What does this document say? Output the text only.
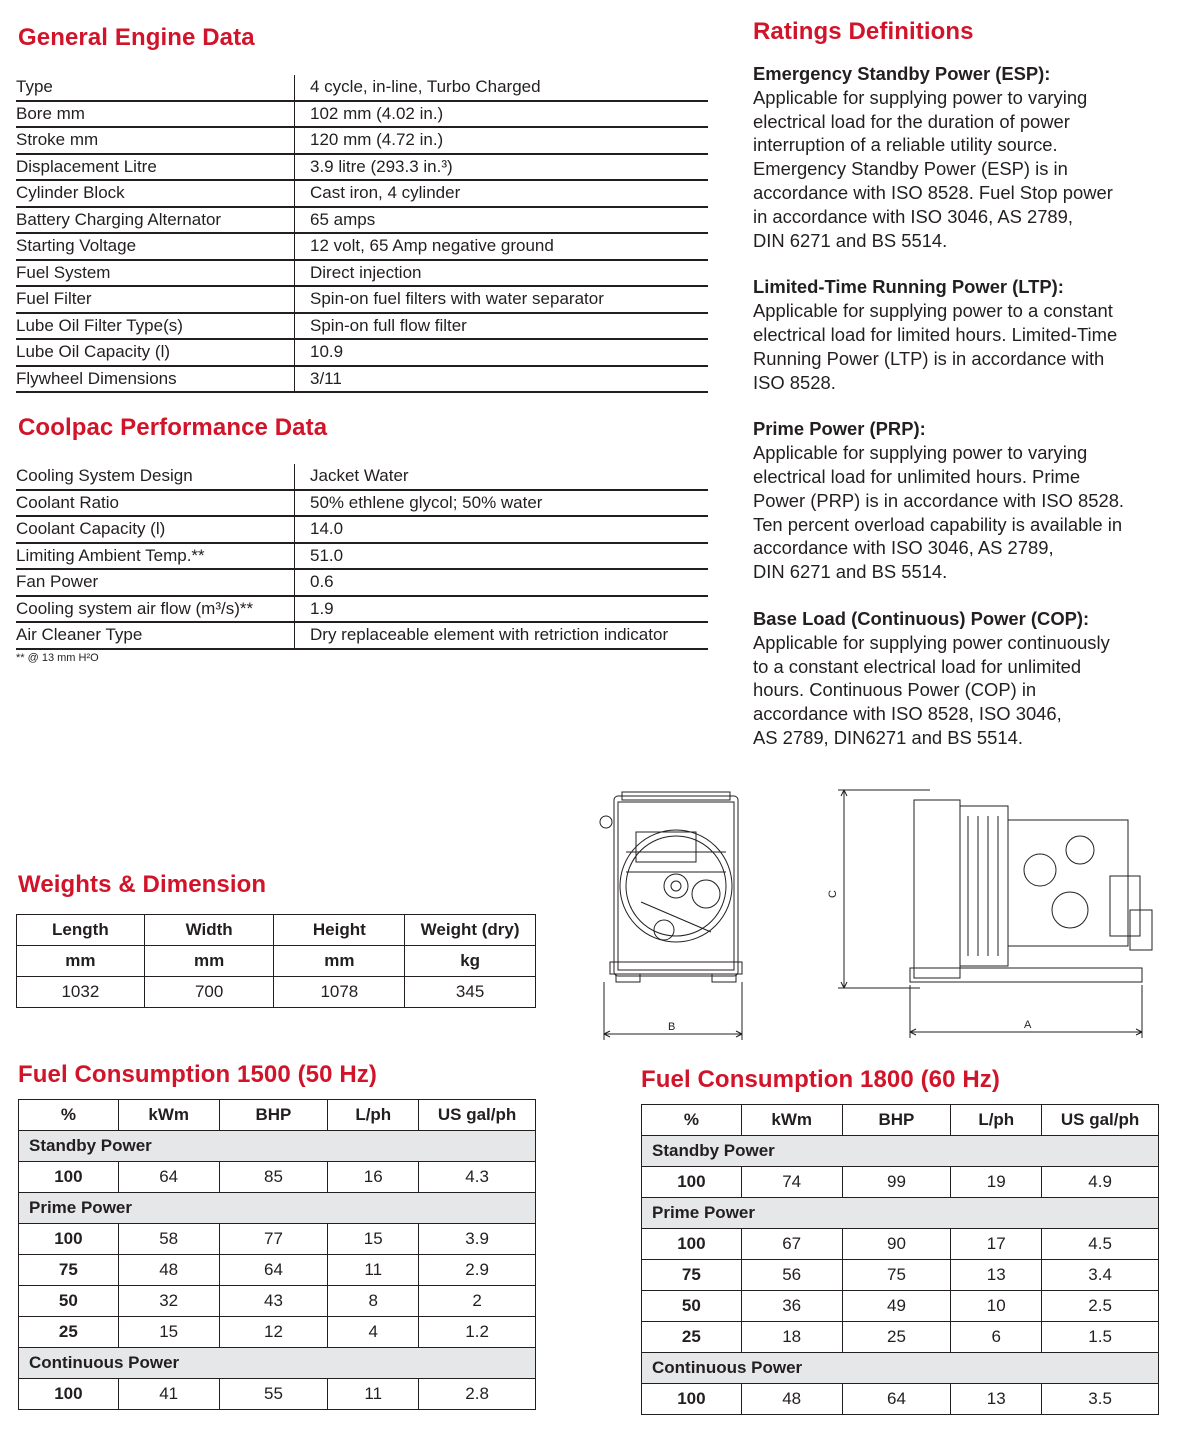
General Engine Data
Type	4 cycle, in-line, Turbo Charged
Bore mm	102 mm (4.02 in.)
Stroke mm	120 mm (4.72 in.)
Displacement Litre	3.9 litre (293.3 in.³)
Cylinder Block	Cast iron, 4 cylinder
Battery Charging Alternator	65 amps
Starting Voltage	12 volt, 65 Amp negative ground
Fuel System	Direct injection
Fuel Filter	Spin-on fuel filters with water separator
Lube Oil Filter Type(s)	Spin-on full flow filter
Lube Oil Capacity (l)	10.9
Flywheel Dimensions	3/11
Coolpac Performance Data
Cooling System Design	Jacket Water
Coolant Ratio	50% ethlene glycol; 50% water
Coolant Capacity (l)	14.0
Limiting Ambient Temp.**	51.0
Fan Power	0.6
Cooling system air flow (m³/s)**	1.9
Air Cleaner Type	Dry replaceable element with retriction indicator
** @ 13 mm H²O
Ratings Definitions
Emergency Standby Power (ESP):
Applicable for supplying power to varying
electrical load for the duration of power
interruption of a reliable utility source.
Emergency Standby Power (ESP) is in
accordance with ISO 8528. Fuel Stop power
in accordance with ISO 3046, AS 2789,
DIN 6271 and BS 5514.
Limited-Time Running Power (LTP):
Applicable for supplying power to a constant
electrical load for limited hours. Limited-Time
Running Power (LTP) is in accordance with
ISO 8528.
Prime Power (PRP):
Applicable for supplying power to varying
electrical load for unlimited hours. Prime
Power (PRP) is in accordance with ISO 8528.
Ten percent overload capability is available in
accordance with ISO 3046, AS 2789,
DIN 6271 and BS 5514.
Base Load (Continuous) Power (COP):
Applicable for supplying power continuously
to a constant electrical load for unlimited
hours. Continuous Power (COP) in
accordance with ISO 8528, ISO 3046,
AS 2789, DIN6271 and BS 5514.
Weights & Dimension
Length	Width	Height	Weight (dry)
mm	mm	mm	kg
1032	700	1078	345
B	A
C
Fuel Consumption 1500 (50 Hz)
%	kWm	BHP	L/ph	US gal/ph
Standby Power				
100	64	85	16	4.3
Prime Power				
100	58	77	15	3.9
75	48	64	11	2.9
50	32	43	8	2
25	15	12	4	1.2
Continuous Power				
100	41	55	11	2.8
Fuel Consumption 1800 (60 Hz)
%	kWm	BHP	L/ph	US gal/ph
Standby Power				
100	74	99	19	4.9
Prime Power				
100	67	90	17	4.5
75	56	75	13	3.4
50	36	49	10	2.5
25	18	25	6	1.5
Continuous Power				
100	48	64	13	3.5
